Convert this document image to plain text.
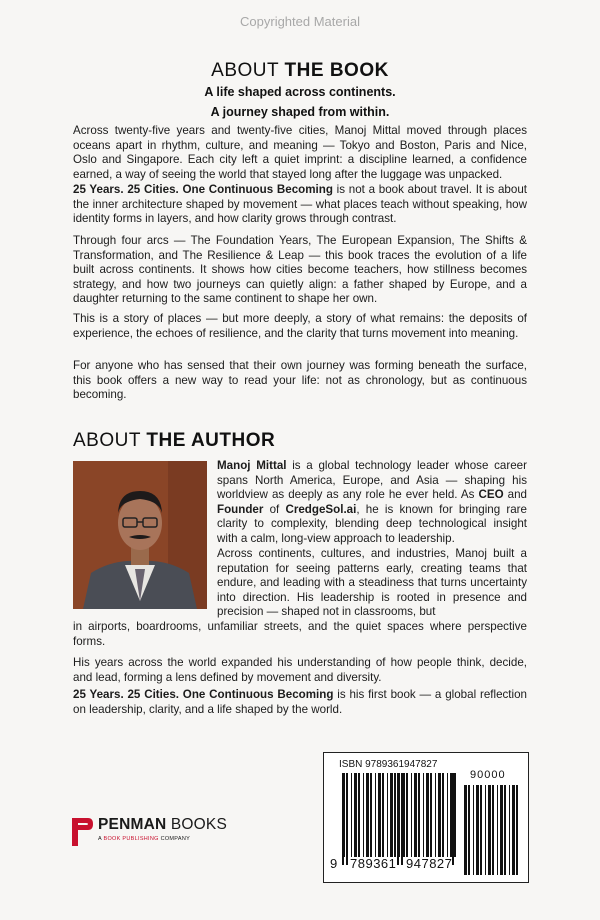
Copyrighted Material
ABOUT THE BOOK
A life shaped across continents.
A journey shaped from within.
Across twenty-five years and twenty-five cities, Manoj Mittal moved through places oceans apart in rhythm, culture, and meaning — Tokyo and Boston, Paris and Nice, Oslo and Singapore. Each city left a quiet imprint: a discipline learned, a confidence earned, a way of seeing the world that stayed long after the luggage was unpacked.
25 Years. 25 Cities. One Continuous Becoming is not a book about travel. It is about the inner architecture shaped by movement — what places teach without speaking, how identity forms in layers, and how clarity grows through contrast.
Through four arcs — The Foundation Years, The European Expansion, The Shifts & Transformation, and The Resilience & Leap — this book traces the evolution of a life built across continents. It shows how cities become teachers, how stillness becomes strategy, and how two journeys can quietly align: a father shaped by Europe, and a daughter returning to the same continent to shape her own.
This is a story of places — but more deeply, a story of what remains: the deposits of experience, the echoes of resilience, and the clarity that turns movement into meaning.
For anyone who has sensed that their own journey was forming beneath the surface, this book offers a new way to read your life: not as chronology, but as continuous becoming.
ABOUT THE AUTHOR
Manoj Mittal is a global technology leader whose career spans North America, Europe, and Asia — shaping his worldview as deeply as any role he ever held. As CEO and Founder of CredgeSol.ai, he is known for bringing rare clarity to complexity, blending deep technological insight with a calm, long-view approach to leadership.
Across continents, cultures, and industries, Manoj built a reputation for seeing patterns early, creating teams that endure, and leading with a steadiness that turns uncertainty into direction. His leadership is rooted in presence and precision — shaped not in classrooms, but
in airports, boardrooms, unfamiliar streets, and the quiet spaces where perspective forms.
His years across the world expanded his understanding of how people think, decide, and lead, forming a lens defined by movement and diversity.
25 Years. 25 Cities. One Continuous Becoming is his first book — a global reflection on leadership, clarity, and a life shaped by the world.
PENMAN BOOKS
A BOOK PUBLISHING COMPANY
ISBN 9789361947827
90000
9 789361 947827
